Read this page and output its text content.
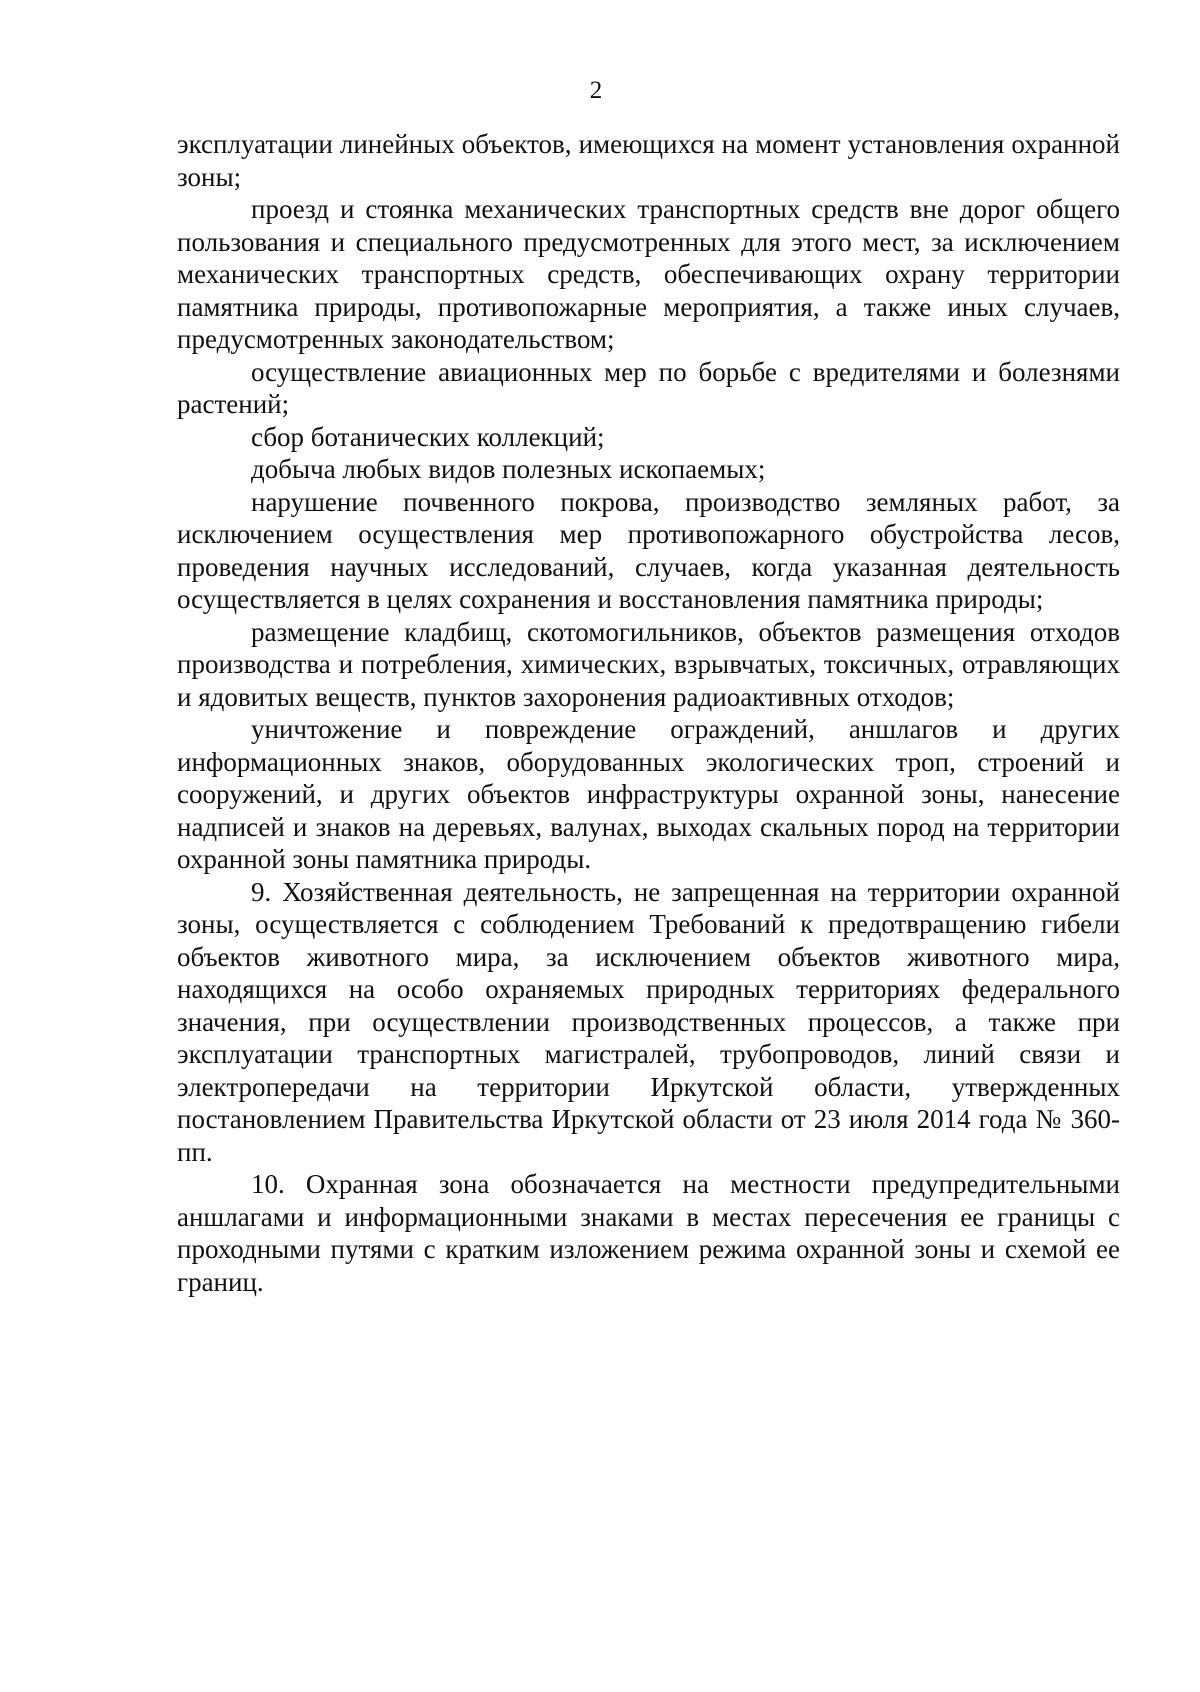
2

эксплуатации линейных объектов, имеющихся на момент установления охранной зоны;

проезд и стоянка механических транспортных средств вне дорог общего пользования и специального предусмотренных для этого мест, за исключением механических транспортных средств, обеспечивающих охрану территории памятника природы, противопожарные мероприятия, а также иных случаев, предусмотренных законодательством;

осуществление авиационных мер по борьбе с вредителями и болезнями растений;

сбор ботанических коллекций;

добыча любых видов полезных ископаемых;

нарушение почвенного покрова, производство земляных работ, за исключением осуществления мер противопожарного обустройства лесов, проведения научных исследований, случаев, когда указанная деятельность осуществляется в целях сохранения и восстановления памятника природы;

размещение кладбищ, скотомогильников, объектов размещения отходов производства и потребления, химических, взрывчатых, токсичных, отравляющих и ядовитых веществ, пунктов захоронения радиоактивных отходов;

уничтожение и повреждение ограждений, аншлагов и других информационных знаков, оборудованных экологических троп, строений и сооружений, и других объектов инфраструктуры охранной зоны, нанесение надписей и знаков на деревьях, валунах, выходах скальных пород на территории охранной зоны памятника природы.

9. Хозяйственная деятельность, не запрещенная на территории охранной зоны, осуществляется с соблюдением Требований к предотвращению гибели объектов животного мира, за исключением объектов животного мира, находящихся на особо охраняемых природных территориях федерального значения, при осуществлении производственных процессов, а также при эксплуатации транспортных магистралей, трубопроводов, линий связи и электропередачи на территории Иркутской области, утвержденных постановлением Правительства Иркутской области от 23 июля 2014 года № 360-пп.

10. Охранная зона обозначается на местности предупредительными аншлагами и информационными знаками в местах пересечения ее границы с проходными путями с кратким изложением режима охранной зоны и схемой ее границ.
